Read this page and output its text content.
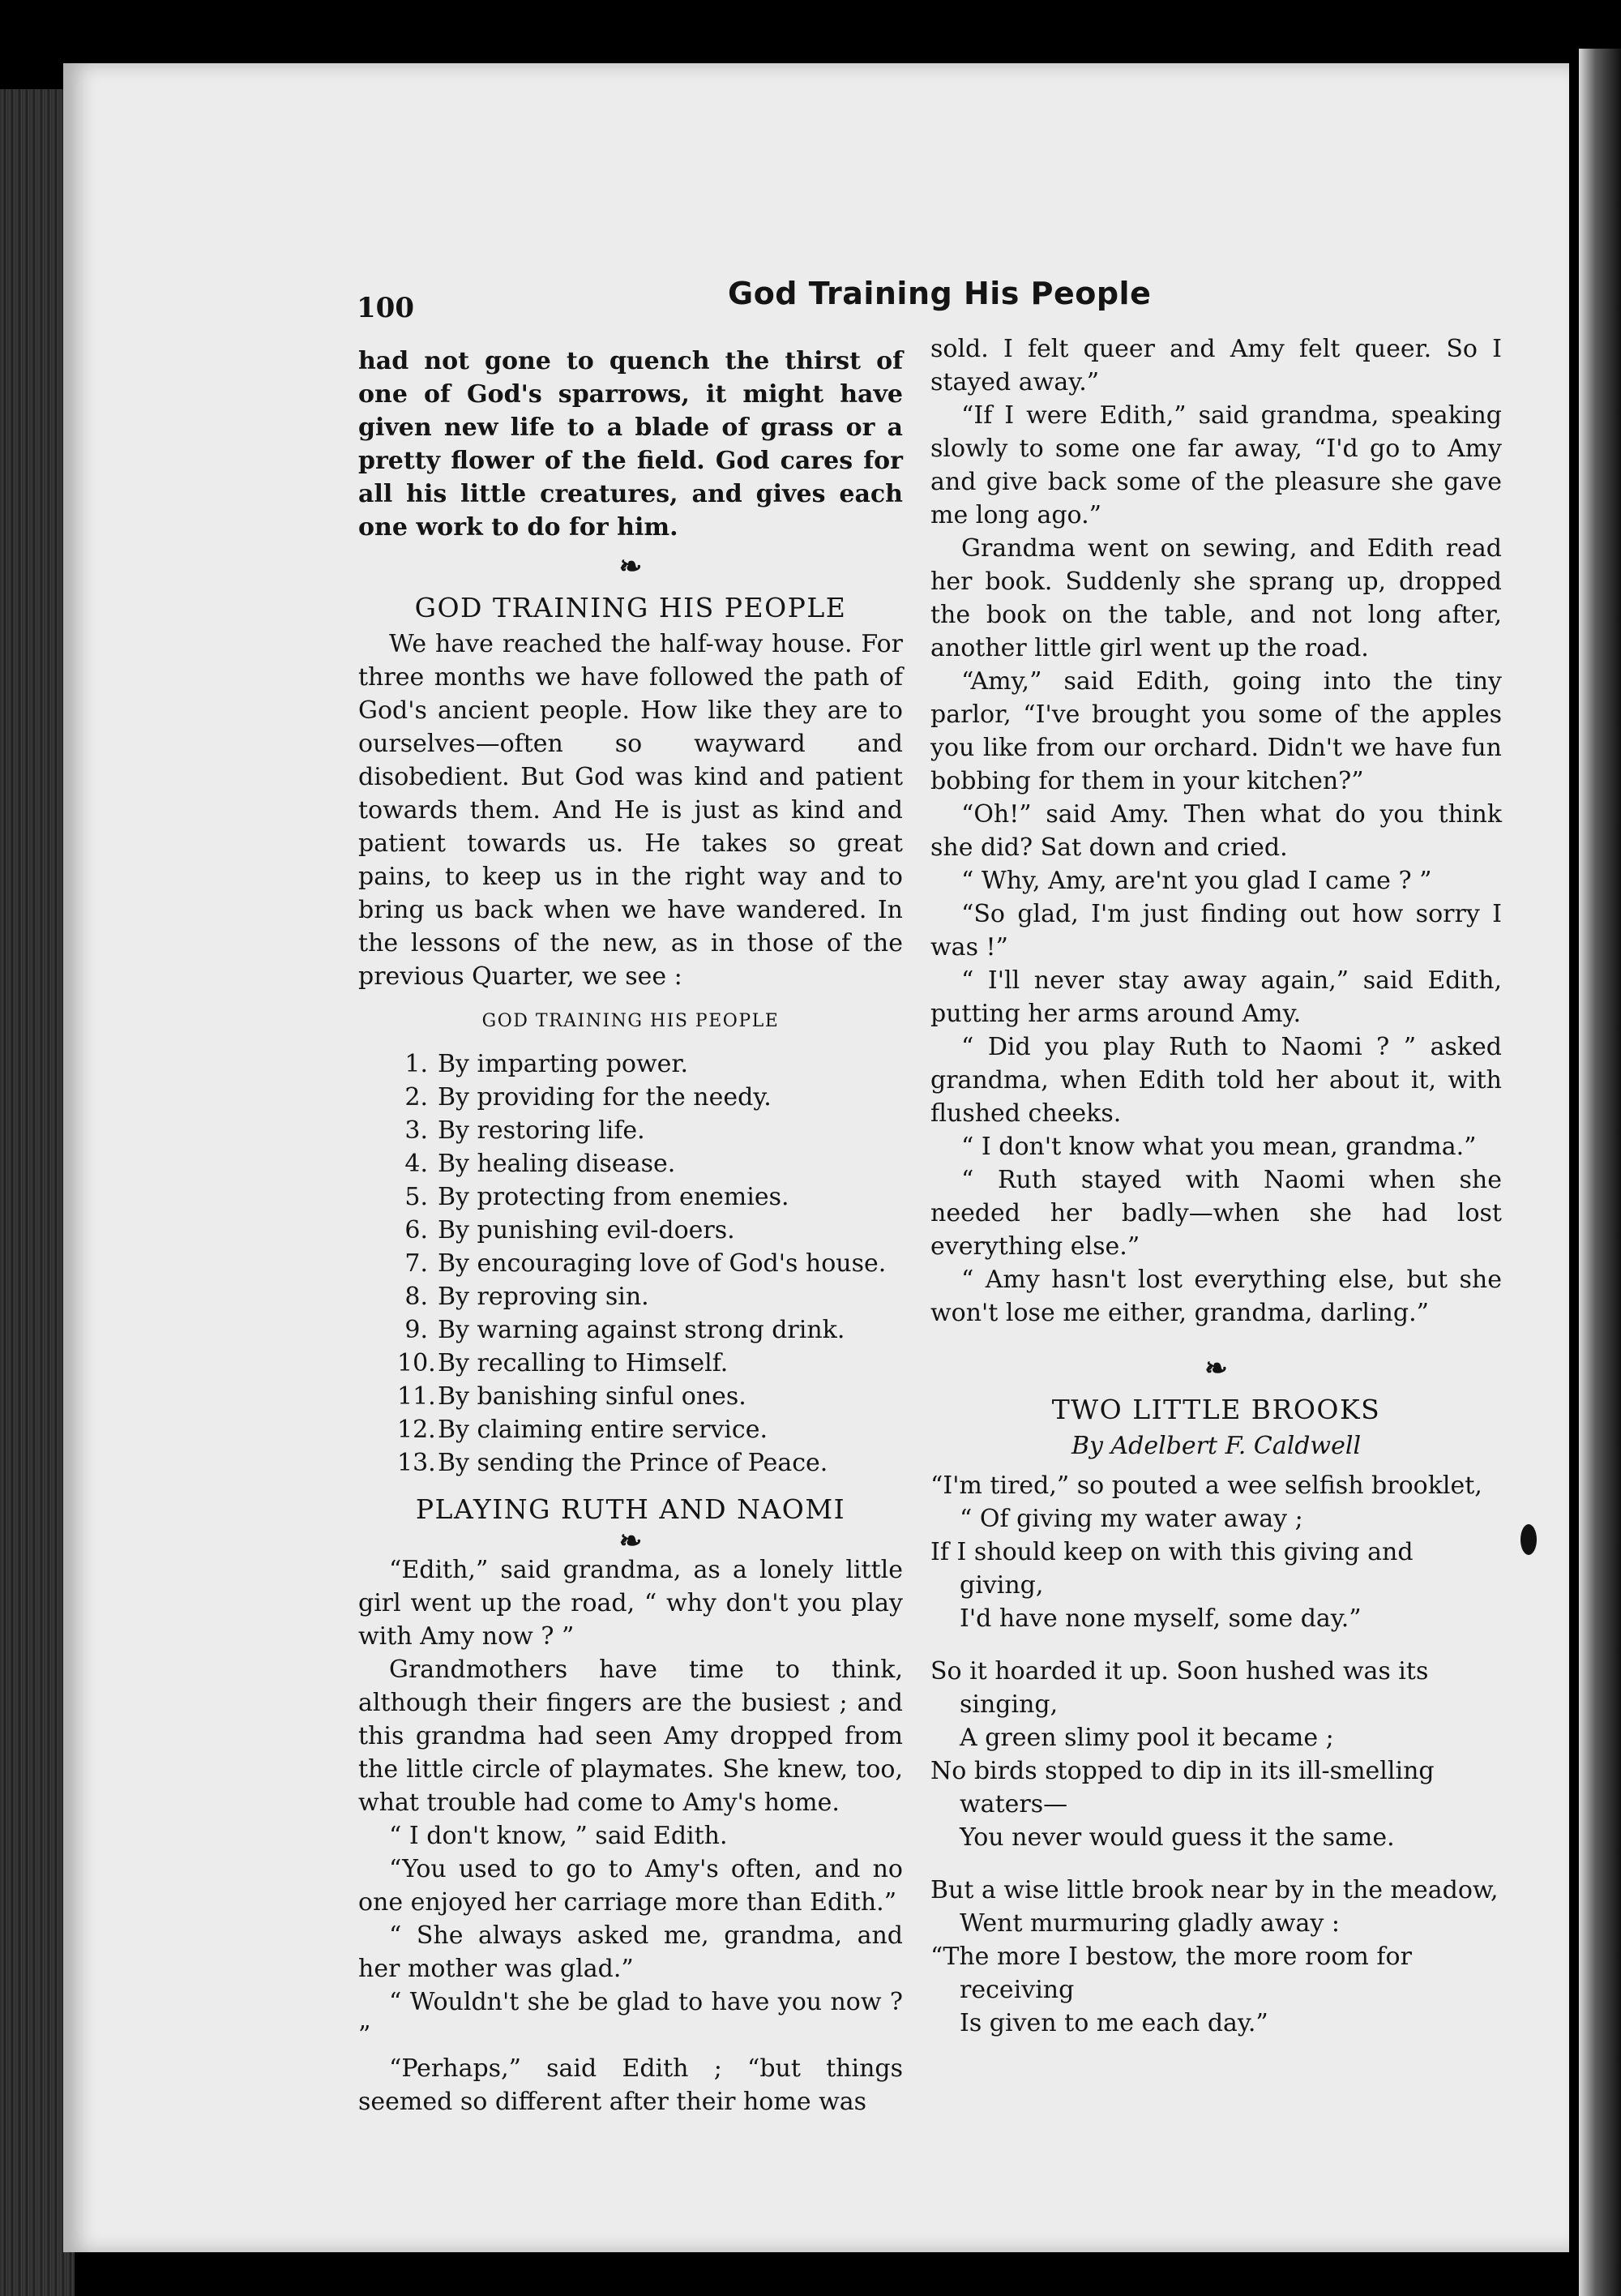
100	God Training His People

had not gone to quench the thirst of one of God's sparrows, it might have given new life to a blade of grass or a pretty flower of the field. God cares for all his little creatures, and gives each one work to do for him.

❧
GOD TRAINING HIS PEOPLE

We have reached the half-way house. For three months we have followed the path of God's ancient people. How like they are to ourselves—often so wayward and disobedient. But God was kind and patient towards them. And He is just as kind and patient towards us. He takes so great pains, to keep us in the right way and to bring us back when we have wandered. In the lessons of the new, as in those of the previous Quarter, we see :

GOD TRAINING HIS PEOPLE
1. By imparting power.
2. By providing for the needy.
3. By restoring life.
4. By healing disease.
5. By protecting from enemies.
6. By punishing evil-doers.
7. By encouraging love of God's house.
8. By reproving sin.
9. By warning against strong drink.
10. By recalling to Himself.
11. By banishing sinful ones.
12. By claiming entire service.
13. By sending the Prince of Peace.
PLAYING RUTH AND NAOMI
❧

“Edith,” said grandma, as a lonely little girl went up the road, “ why don't you play with Amy now ? ”

Grandmothers have time to think, although their fingers are the busiest ; and this grandma had seen Amy dropped from the little circle of playmates. She knew, too, what trouble had come to Amy's home.

“ I don't know, ” said Edith.

“You used to go to Amy's often, and no one enjoyed her carriage more than Edith.”

“ She always asked me, grandma, and her mother was glad.”

“ Wouldn't she be glad to have you now ? ”

“Perhaps,” said Edith ; “but things seemed so different after their home was

sold. I felt queer and Amy felt queer. So I stayed away.”

“If I were Edith,” said grandma, speaking slowly to some one far away, “I'd go to Amy and give back some of the pleasure she gave me long ago.”

Grandma went on sewing, and Edith read her book. Suddenly she sprang up, dropped the book on the table, and not long after, another little girl went up the road.

“Amy,” said Edith, going into the tiny parlor, “I've brought you some of the apples you like from our orchard. Didn't we have fun bobbing for them in your kitchen?”

“Oh!” said Amy. Then what do you think she did? Sat down and cried.

“ Why, Amy, are'nt you glad I came ? ”

“So glad, I'm just finding out how sorry I was !”

“ I'll never stay away again,” said Edith, putting her arms around Amy.

“ Did you play Ruth to Naomi ? ” asked grandma, when Edith told her about it, with flushed cheeks.

“ I don't know what you mean, grandma.”

“ Ruth stayed with Naomi when she needed her badly—when she had lost everything else.”

“ Amy hasn't lost everything else, but she won't lose me either, grandma, darling.”

❧
TWO LITTLE BROOKS
By Adelbert F. Caldwell
“I'm tired,” so pouted a wee selfish brooklet,
“ Of giving my water away ;
If I should keep on with this giving and
giving,
I'd have none myself, some day.”
So it hoarded it up. Soon hushed was its
singing,
A green slimy pool it became ;
No birds stopped to dip in its ill-smelling
waters—
You never would guess it the same.
But a wise little brook near by in the meadow,
Went murmuring gladly away :
“The more I bestow, the more room for
receiving
Is given to me each day.”
